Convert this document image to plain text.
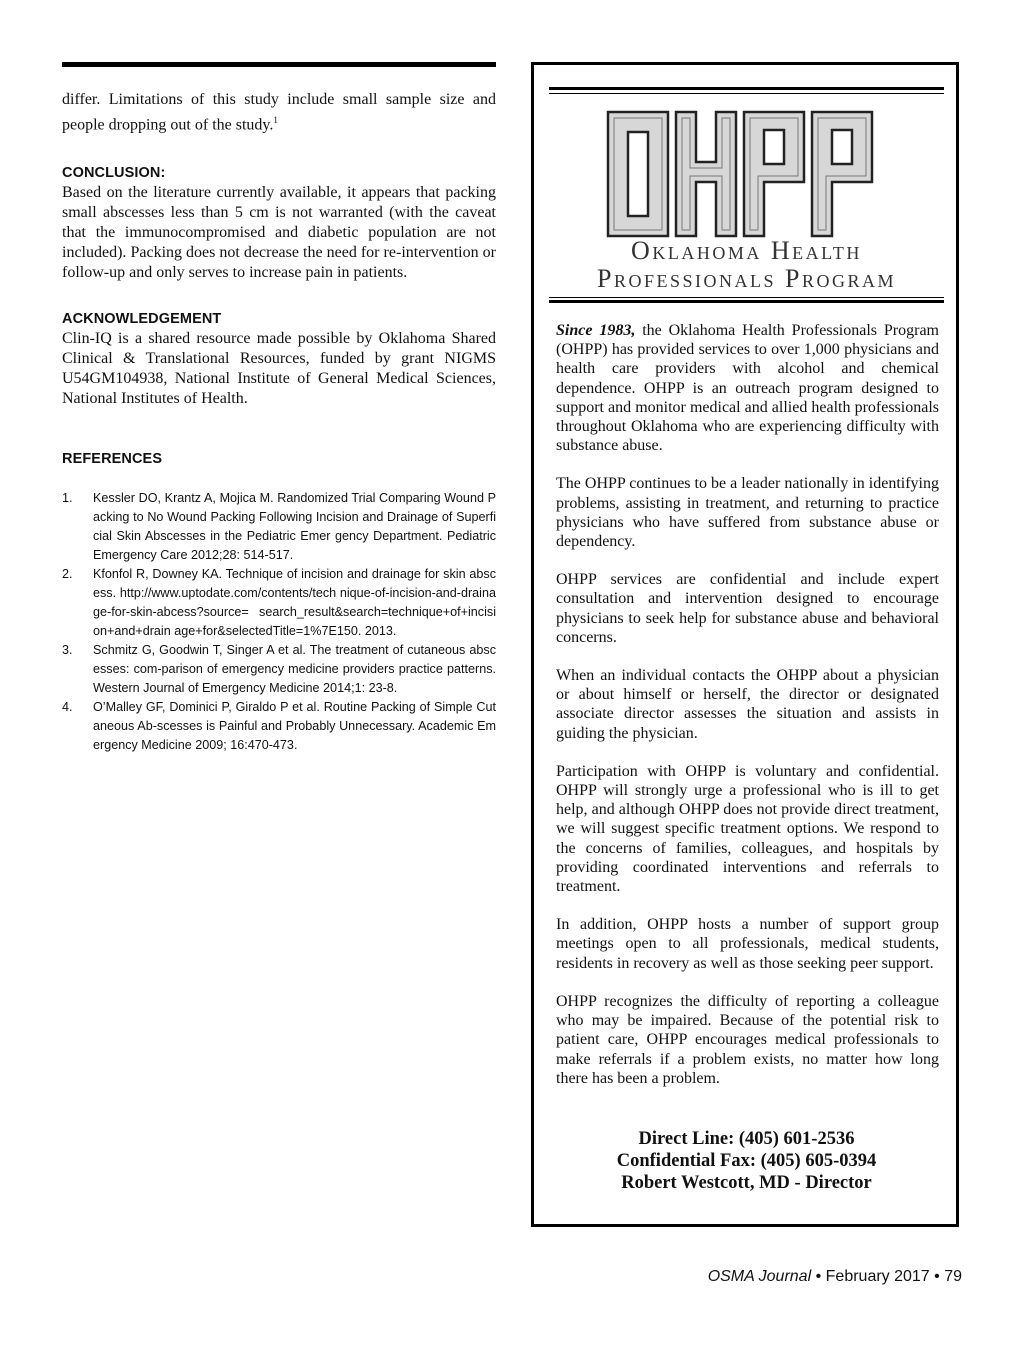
differ. Limitations of this study include small sample size and people dropping out of the study.$^1$

CONCLUSION:

Based on the literature currently available, it appears that packing small abscesses less than 5 cm is not warranted (with the caveat that the immunocompromised and diabetic population are not included). Packing does not decrease the need for re-intervention or follow-up and only serves to increase pain in patients.

ACKNOWLEDGEMENT

Clin-IQ is a shared resource made possible by Oklahoma Shared Clinical & Translational Resources, funded by grant NIGMS U54GM104938, National Institute of General Medical Sciences, National Institutes of Health.

REFERENCES
1. Kessler DO, Krantz A, Mojica M. Randomized Trial Comparing Wound Packing to No Wound Packing Following Incision and Drainage of Superficial Skin Abscesses in the Pediatric Emer gency Department. Pediatric Emergency Care 2012;28: 514-517.
2. Kfonfol R, Downey KA. Technique of incision and drainage for skin abscess. http://www.uptodate.com/contents/tech nique-of-incision-and-drainage-for-skin-abcess?source= search_result&search=technique+of+incision+and+drain age+for&selectedTitle=1%7E150. 2013.
3. Schmitz G, Goodwin T, Singer A et al. The treatment of cutaneous abscesses: com-parison of emergency medicine providers practice patterns. Western Journal of Emergency Medicine 2014;1: 23-8.
4. O’Malley GF, Dominici P, Giraldo P et al. Routine Packing of Simple Cutaneous Ab-scesses is Painful and Probably Unnecessary. Academic Emergency Medicine 2009; 16:470-473.
Oklahoma Health
Professionals Program

Since 1983, the Oklahoma Health Professionals Program (OHPP) has provided services to over 1,000 physicians and health care providers with alcohol and chemical dependence. OHPP is an outreach program designed to support and monitor medical and allied health professionals throughout Oklahoma who are experiencing difficulty with substance abuse.

The OHPP continues to be a leader nationally in identifying problems, assisting in treatment, and returning to practice physicians who have suffered from substance abuse or dependency.

OHPP services are confidential and include expert consultation and intervention designed to encourage physicians to seek help for substance abuse and behavioral concerns.

When an individual contacts the OHPP about a physician or about himself or herself, the director or designated associate director assesses the situation and assists in guiding the physician.

Participation with OHPP is voluntary and confidential. OHPP will strongly urge a professional who is ill to get help, and although OHPP does not provide direct treatment, we will suggest specific treatment options. We respond to the concerns of families, colleagues, and hospitals by providing coordinated interventions and referrals to treatment.

In addition, OHPP hosts a number of support group meetings open to all professionals, medical students, residents in recovery as well as those seeking peer support.

OHPP recognizes the difficulty of reporting a colleague who may be impaired. Because of the potential risk to patient care, OHPP encourages medical professionals to make referrals if a problem exists, no matter how long there has been a problem.

Direct Line: (405) 601-2536
Confidential Fax: (405) 605-0394
Robert Westcott, MD - Director
OSMA Journal • February 2017 • 79
